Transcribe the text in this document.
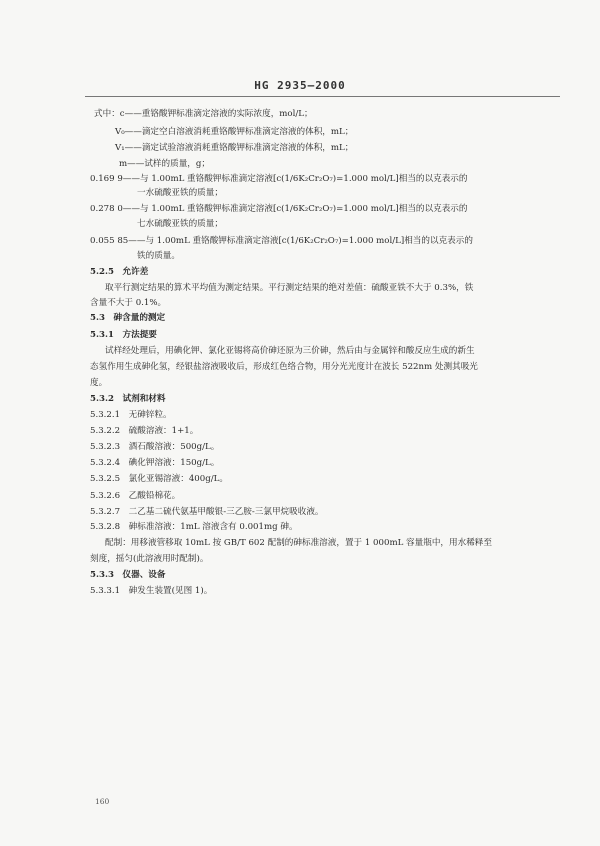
HG 2935—2000
式中：c——重铬酸钾标准滴定溶液的实际浓度，mol/L；
V₀——滴定空白溶液消耗重铬酸钾标准滴定溶液的体积，mL；
V₁——滴定试验溶液消耗重铬酸钾标准滴定溶液的体积，mL；
m——试样的质量，g；
0.169 9——与 1.00mL 重铬酸钾标准滴定溶液[c(1/6K₂Cr₂O₇)=1.000 mol/L]相当的以克表示的
一水硫酸亚铁的质量；
0.278 0——与 1.00mL 重铬酸钾标准滴定溶液[c(1/6K₂Cr₂O₇)=1.000 mol/L]相当的以克表示的
七水硫酸亚铁的质量；
0.055 85——与 1.00mL 重铬酸钾标准滴定溶液[c(1/6K₂Cr₂O₇)=1.000 mol/L]相当的以克表示的
铁的质量。
5.2.5　允许差
取平行测定结果的算术平均值为测定结果。平行测定结果的绝对差值：硫酸亚铁不大于 0.3%，铁
含量不大于 0.1%。
5.3　砷含量的测定
5.3.1　方法提要
试样经处理后，用碘化钾、氯化亚锡将高价砷还原为三价砷，然后由与金属锌和酸反应生成的新生
态氢作用生成砷化氢，经银盐溶液吸收后，形成红色络合物，用分光光度计在波长 522nm 处测其吸光
度。
5.3.2　试剂和材料
5.3.2.1　无砷锌粒。
5.3.2.2　硫酸溶液：1+1。
5.3.2.3　酒石酸溶液：500g/L。
5.3.2.4　碘化钾溶液：150g/L。
5.3.2.5　氯化亚锡溶液：400g/L。
5.3.2.6　乙酸铅棉花。
5.3.2.7　二乙基二硫代氨基甲酸银-三乙胺-三氯甲烷吸收液。
5.3.2.8　砷标准溶液：1mL 溶液含有 0.001mg 砷。
配制：用移液管移取 10mL 按 GB/T 602 配制的砷标准溶液，置于 1 000mL 容量瓶中，用水稀释至
刻度，摇匀(此溶液用时配制)。
5.3.3　仪器、设备
5.3.3.1　砷发生装置(见图 1)。
160
